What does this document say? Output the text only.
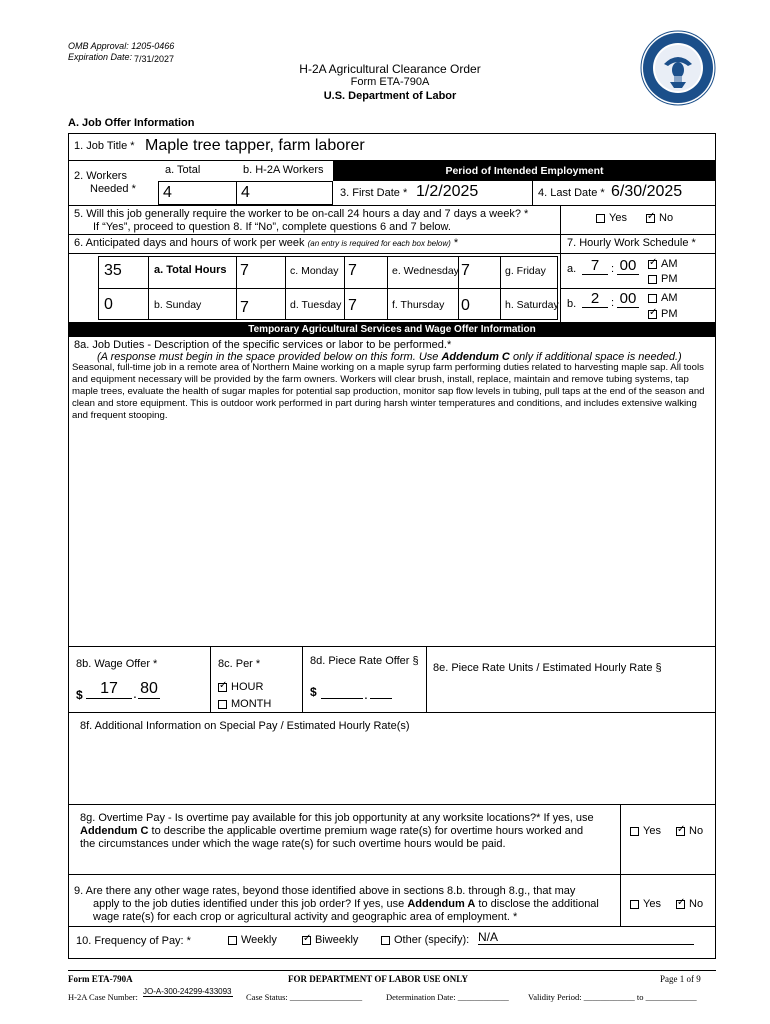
OMB Approval: 1205-0466
Expiration Date: 7/31/2027
H-2A Agricultural Clearance Order
Form ETA-790A
U.S. Department of Labor
A. Job Offer Information
1. Job Title * Maple tree tapper, farm laborer
2. Workers
Needed *
a. Total	b. H-2A Workers	Period of Intended Employment
4	4	3. First Date * 1/2/2025	4. Last Date * 6/30/2025
5. Will this job generally require the worker to be on-call 24 hours a day and 7 days a week? *
If “Yes”, proceed to question 8. If “No”, complete questions 6 and 7 below.
Yes ✓	No
6. Anticipated days and hours of work per week (an entry is required for each box below) *	7. Hourly Work Schedule *
35	a. Total Hours 7	c. Monday 7	e. Wednesday 7	g. Friday
0	b. Sunday 7	d. Tuesday 7	f. Thursday 0	h. Saturday
a. 7	: 00 ✓	AM
PM
b. 2	: 00	AM
✓PM
Temporary Agricultural Services and Wage Offer Information
8a. Job Duties - Description of the specific services or labor to be performed.*
(A response must begin in the space provided below on this form. Use Addendum C only if additional space is needed.)
Seasonal, full-time job in a remote area of Northern Maine working on a maple syrup farm performing duties related to harvesting maple sap. All tools and equipment necessary will be provided by the farm owners. Workers will clear brush, install, replace, maintain and remove tubing systems, tap maple trees, evaluate the health of sugar maples for potential sap production, monitor sap flow levels in tubing, pull taps at the end of the season and clean and store equipment. This is outdoor work performed in part during harsh winter temperatures and conditions, and includes extensive walking and frequent stooping.
8b. Wage Offer *
$	17	. 80
8c. Per *
✓HOUR
MONTH
8d. Piece Rate Offer §
$	.
8e. Piece Rate Units / Estimated Hourly Rate §
8f. Additional Information on Special Pay / Estimated Hourly Rate(s)
8g. Overtime Pay - Is overtime pay available for this job opportunity at any worksite locations?* If yes, use
Addendum C to describe the applicable overtime premium wage rate(s) for overtime hours worked and
the circumstances under which the wage rate(s) for such overtime hours would be paid.
Yes ✓	No
9. Are there any other wage rates, beyond those identified above in sections 8.b. through 8.g., that may
apply to the job duties identified under this job order? If yes, use Addendum A to disclose the additional
wage rate(s) for each crop or agricultural activity and geographic area of employment. *
Yes ✓	No
10. Frequency of Pay: *	Weekly ✓	Biweekly	Other (specify): N/A
Form ETA-790A	FOR DEPARTMENT OF LABOR USE ONLY	Page 1 of 9
H-2A Case Number:
JO-A-300-24299-433093
Case Status: _________________	Determination Date: ____________ Validity Period: ____________ to ____________
